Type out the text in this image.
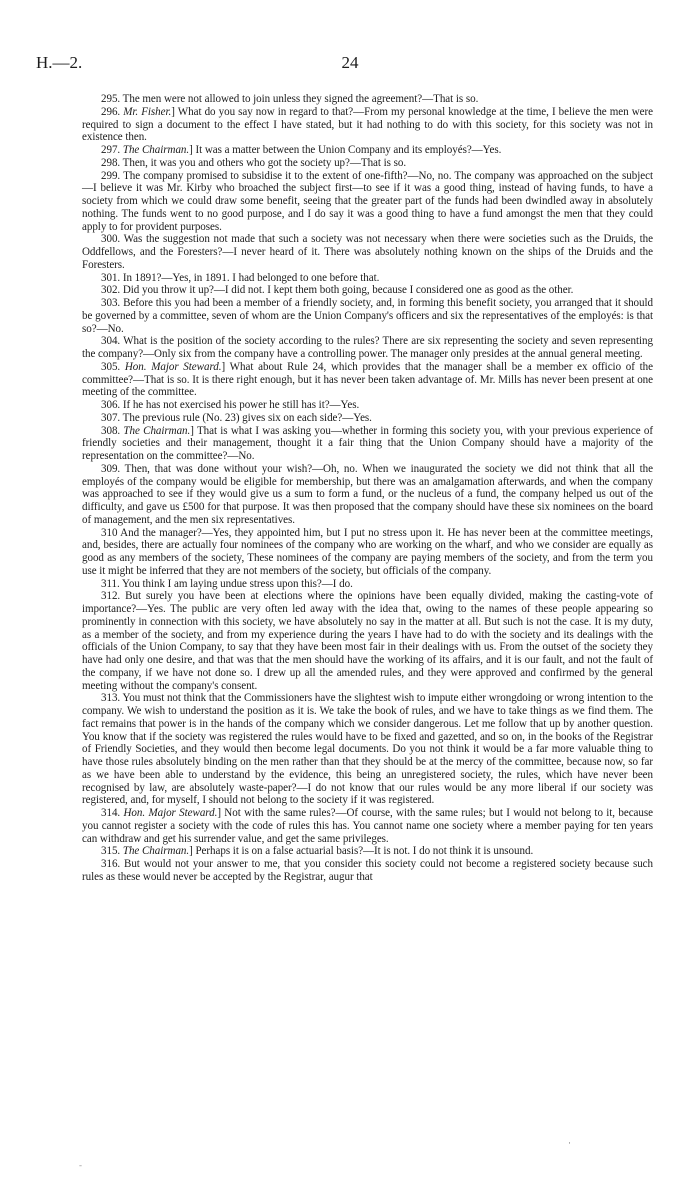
H.—2.	24

295. The men were not allowed to join unless they signed the agreement?—That is so.

296. Mr. Fisher.] What do you say now in regard to that?—From my personal knowledge at the time, I believe the men were required to sign a document to the effect I have stated, but it had nothing to do with this society, for this society was not in existence then.

297. The Chairman.] It was a matter between the Union Company and its employés?—Yes.

298. Then, it was you and others who got the society up?—That is so.

299. The company promised to subsidise it to the extent of one-fifth?—No, no. The company was approached on the subject—I believe it was Mr. Kirby who broached the subject first—to see if it was a good thing, instead of having funds, to have a society from which we could draw some benefit, seeing that the greater part of the funds had been dwindled away in absolutely nothing. The funds went to no good purpose, and I do say it was a good thing to have a fund amongst the men that they could apply to for provident purposes.

300. Was the suggestion not made that such a society was not necessary when there were societies such as the Druids, the Oddfellows, and the Foresters?—I never heard of it. There was absolutely nothing known on the ships of the Druids and the Foresters.

301. In 1891?—Yes, in 1891. I had belonged to one before that.

302. Did you throw it up?—I did not. I kept them both going, because I considered one as good as the other.

303. Before this you had been a member of a friendly society, and, in forming this benefit society, you arranged that it should be governed by a committee, seven of whom are the Union Company's officers and six the representatives of the employés: is that so?—No.

304. What is the position of the society according to the rules? There are six representing the society and seven representing the company?—Only six from the company have a controlling power. The manager only presides at the annual general meeting.

305. Hon. Major Steward.] What about Rule 24, which provides that the manager shall be a member ex officio of the committee?—That is so. It is there right enough, but it has never been taken advantage of. Mr. Mills has never been present at one meeting of the committee.

306. If he has not exercised his power he still has it?—Yes.

307. The previous rule (No. 23) gives six on each side?—Yes.

308. The Chairman.] That is what I was asking you—whether in forming this society you, with your previous experience of friendly societies and their management, thought it a fair thing that the Union Company should have a majority of the representation on the committee?—No.

309. Then, that was done without your wish?—Oh, no. When we inaugurated the society we did not think that all the employés of the company would be eligible for membership, but there was an amalgamation afterwards, and when the company was approached to see if they would give us a sum to form a fund, or the nucleus of a fund, the company helped us out of the difficulty, and gave us £500 for that purpose. It was then proposed that the company should have these six nominees on the board of management, and the men six representatives.

310 And the manager?—Yes, they appointed him, but I put no stress upon it. He has never been at the committee meetings, and, besides, there are actually four nominees of the company who are working on the wharf, and who we consider are equally as good as any members of the society, These nominees of the company are paying members of the society, and from the term you use it might be inferred that they are not members of the society, but officials of the company.

311. You think I am laying undue stress upon this?—I do.

312. But surely you have been at elections where the opinions have been equally divided, making the casting-vote of importance?—Yes. The public are very often led away with the idea that, owing to the names of these people appearing so prominently in connection with this society, we have absolutely no say in the matter at all. But such is not the case. It is my duty, as a member of the society, and from my experience during the years I have had to do with the society and its dealings with the officials of the Union Company, to say that they have been most fair in their dealings with us. From the outset of the society they have had only one desire, and that was that the men should have the working of its affairs, and it is our fault, and not the fault of the company, if we have not done so. I drew up all the amended rules, and they were approved and confirmed by the general meeting without the company's consent.

313. You must not think that the Commissioners have the slightest wish to impute either wrongdoing or wrong intention to the company. We wish to understand the position as it is. We take the book of rules, and we have to take things as we find them. The fact remains that power is in the hands of the company which we consider dangerous. Let me follow that up by another question. You know that if the society was registered the rules would have to be fixed and gazetted, and so on, in the books of the Registrar of Friendly Societies, and they would then become legal documents. Do you not think it would be a far more valuable thing to have those rules absolutely binding on the men rather than that they should be at the mercy of the committee, because now, so far as we have been able to understand by the evidence, this being an unregistered society, the rules, which have never been recognised by law, are absolutely waste-paper?—I do not know that our rules would be any more liberal if our society was registered, and, for myself, I should not belong to the society if it was registered.

314. Hon. Major Steward.] Not with the same rules?—Of course, with the same rules; but I would not belong to it, because you cannot register a society with the code of rules this has. You cannot name one society where a member paying for ten years can withdraw and get his surrender value, and get the same privileges.

315. The Chairman.] Perhaps it is on a false actuarial basis?—It is not. I do not think it is unsound.

316. But would not your answer to me, that you consider this society could not become a registered society because such rules as these would never be accepted by the Registrar, augur that

·
-
